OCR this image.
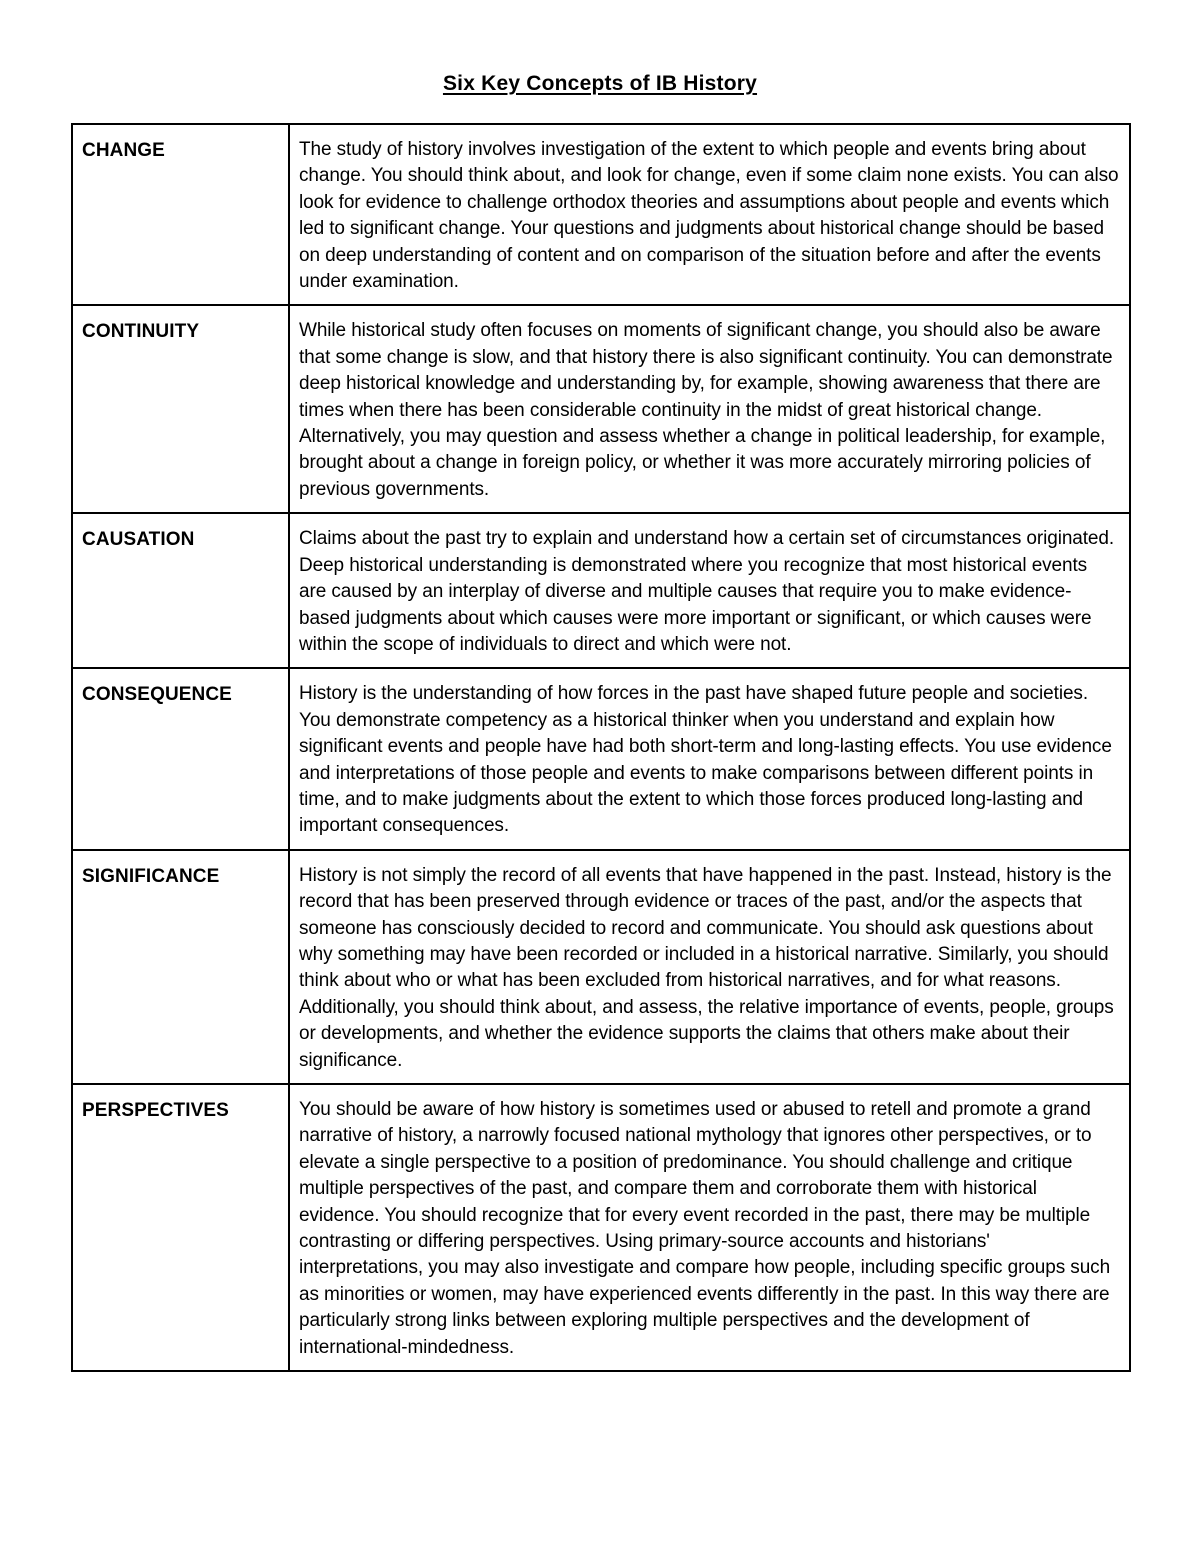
Six Key Concepts of IB History
CHANGE	The study of history involves investigation of the extent to which people and events bring about change. You should think about, and look for change, even if some claim none exists. You can also look for evidence to challenge orthodox theories and assumptions about people and events which led to significant change. Your questions and judgments about historical change should be based on deep understanding of content and on comparison of the situation before and after the events under examination.
CONTINUITY	While historical study often focuses on moments of significant change, you should also be aware that some change is slow, and that history there is also significant continuity. You can demonstrate deep historical knowledge and understanding by, for example, showing awareness that there are times when there has been considerable continuity in the midst of great historical change. Alternatively, you may question and assess whether a change in political leadership, for example, brought about a change in foreign policy, or whether it was more accurately mirroring policies of previous governments.
CAUSATION	Claims about the past try to explain and understand how a certain set of circumstances originated. Deep historical understanding is demonstrated where you recognize that most historical events are caused by an interplay of diverse and multiple causes that require you to make evidence-based judgments about which causes were more important or significant, or which causes were within the scope of individuals to direct and which were not.
CONSEQUENCE	History is the understanding of how forces in the past have shaped future people and societies. You demonstrate competency as a historical thinker when you understand and explain how significant events and people have had both short-term and long-lasting effects. You use evidence and interpretations of those people and events to make comparisons between different points in time, and to make judgments about the extent to which those forces produced long-lasting and important consequences.
SIGNIFICANCE	History is not simply the record of all events that have happened in the past. Instead, history is the record that has been preserved through evidence or traces of the past, and/or the aspects that someone has consciously decided to record and communicate. You should ask questions about why something may have been recorded or included in a historical narrative. Similarly, you should think about who or what has been excluded from historical narratives, and for what reasons. Additionally, you should think about, and assess, the relative importance of events, people, groups or developments, and whether the evidence supports the claims that others make about their significance.
PERSPECTIVES	You should be aware of how history is sometimes used or abused to retell and promote a grand narrative of history, a narrowly focused national mythology that ignores other perspectives, or to elevate a single perspective to a position of predominance. You should challenge and critique multiple perspectives of the past, and compare them and corroborate them with historical evidence. You should recognize that for every event recorded in the past, there may be multiple contrasting or differing perspectives. Using primary-source accounts and historians' interpretations, you may also investigate and compare how people, including specific groups such as minorities or women, may have experienced events differently in the past. In this way there are particularly strong links between exploring multiple perspectives and the development of international-mindedness.
